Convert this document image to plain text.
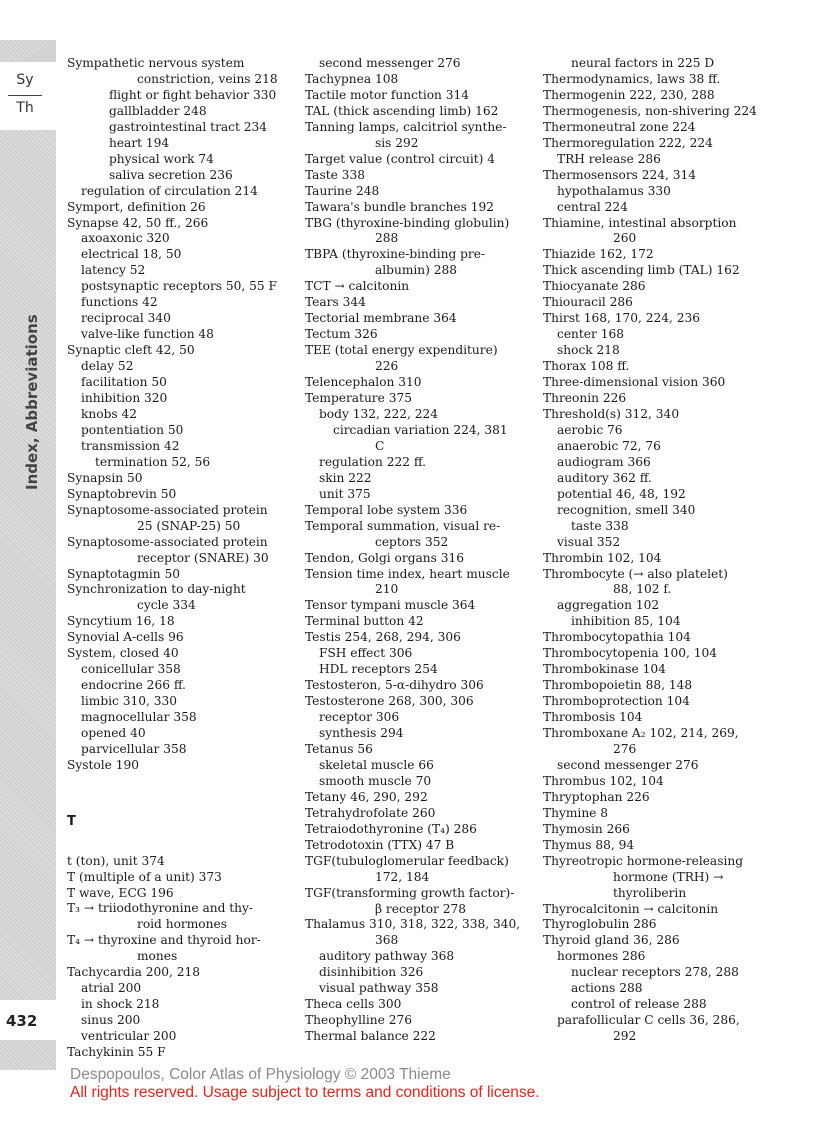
Sy
Th
Index, Abbreviations
432
Sympathetic nervous system
constriction, veins 218
flight or fight behavior 330
gallbladder 248
gastrointestinal tract 234
heart 194
physical work 74
saliva secretion 236
regulation of circulation 214
Symport, definition 26
Synapse 42, 50 ff., 266
axoaxonic 320
electrical 18, 50
latency 52
postsynaptic receptors 50, 55 F
functions 42
reciprocal 340
valve-like function 48
Synaptic cleft 42, 50
delay 52
facilitation 50
inhibition 320
knobs 42
pontentiation 50
transmission 42
termination 52, 56
Synapsin 50
Synaptobrevin 50
Synaptosome-associated protein
25 (SNAP-25) 50
Synaptosome-associated protein
receptor (SNARE) 30
Synaptotagmin 50
Synchronization to day-night
cycle 334
Syncytium 16, 18
Synovial A-cells 96
System, closed 40
conicellular 358
endocrine 266 ff.
limbic 310, 330
magnocellular 358
opened 40
parvicellular 358
Systole 190
T
t (ton), unit 374
T (multiple of a unit) 373
T wave, ECG 196
T₃ → triiodothyronine and thy-
roid hormones
T₄ → thyroxine and thyroid hor-
mones
Tachycardia 200, 218
atrial 200
in shock 218
sinus 200
ventricular 200
Tachykinin 55 F
second messenger 276
Tachypnea 108
Tactile motor function 314
TAL (thick ascending limb) 162
Tanning lamps, calcitriol synthe-
sis 292
Target value (control circuit) 4
Taste 338
Taurine 248
Tawara's bundle branches 192
TBG (thyroxine-binding globulin)
288
TBPA (thyroxine-binding pre-
albumin) 288
TCT → calcitonin
Tears 344
Tectorial membrane 364
Tectum 326
TEE (total energy expenditure)
226
Telencephalon 310
Temperature 375
body 132, 222, 224
circadian variation 224, 381
C
regulation 222 ff.
skin 222
unit 375
Temporal lobe system 336
Temporal summation, visual re-
ceptors 352
Tendon, Golgi organs 316
Tension time index, heart muscle
210
Tensor tympani muscle 364
Terminal button 42
Testis 254, 268, 294, 306
FSH effect 306
HDL receptors 254
Testosteron, 5-α-dihydro 306
Testosterone 268, 300, 306
receptor 306
synthesis 294
Tetanus 56
skeletal muscle 66
smooth muscle 70
Tetany 46, 290, 292
Tetrahydrofolate 260
Tetraiodothyronine (T₄) 286
Tetrodotoxin (TTX) 47 B
TGF(tubuloglomerular feedback)
172, 184
TGF(transforming growth factor)-
β receptor 278
Thalamus 310, 318, 322, 338, 340,
368
auditory pathway 368
disinhibition 326
visual pathway 358
Theca cells 300
Theophylline 276
Thermal balance 222
neural factors in 225 D
Thermodynamics, laws 38 ff.
Thermogenin 222, 230, 288
Thermogenesis, non-shivering 224
Thermoneutral zone 224
Thermoregulation 222, 224
TRH release 286
Thermosensors 224, 314
hypothalamus 330
central 224
Thiamine, intestinal absorption
260
Thiazide 162, 172
Thick ascending limb (TAL) 162
Thiocyanate 286
Thiouracil 286
Thirst 168, 170, 224, 236
center 168
shock 218
Thorax 108 ff.
Three-dimensional vision 360
Threonin 226
Threshold(s) 312, 340
aerobic 76
anaerobic 72, 76
audiogram 366
auditory 362 ff.
potential 46, 48, 192
recognition, smell 340
taste 338
visual 352
Thrombin 102, 104
Thrombocyte (→ also platelet)
88, 102 f.
aggregation 102
inhibition 85, 104
Thrombocytopathia 104
Thrombocytopenia 100, 104
Thrombokinase 104
Thrombopoietin 88, 148
Thromboprotection 104
Thrombosis 104
Thromboxane A₂ 102, 214, 269,
276
second messenger 276
Thrombus 102, 104
Thryptophan 226
Thymine 8
Thymosin 266
Thymus 88, 94
Thyreotropic hormone-releasing
hormone (TRH) →
thyroliberin
Thyrocalcitonin → calcitonin
Thyroglobulin 286
Thyroid gland 36, 286
hormones 286
nuclear receptors 278, 288
actions 288
control of release 288
parafollicular C cells 36, 286,
292
Despopoulos, Color Atlas of Physiology © 2003 Thieme
All rights reserved. Usage subject to terms and conditions of license.
